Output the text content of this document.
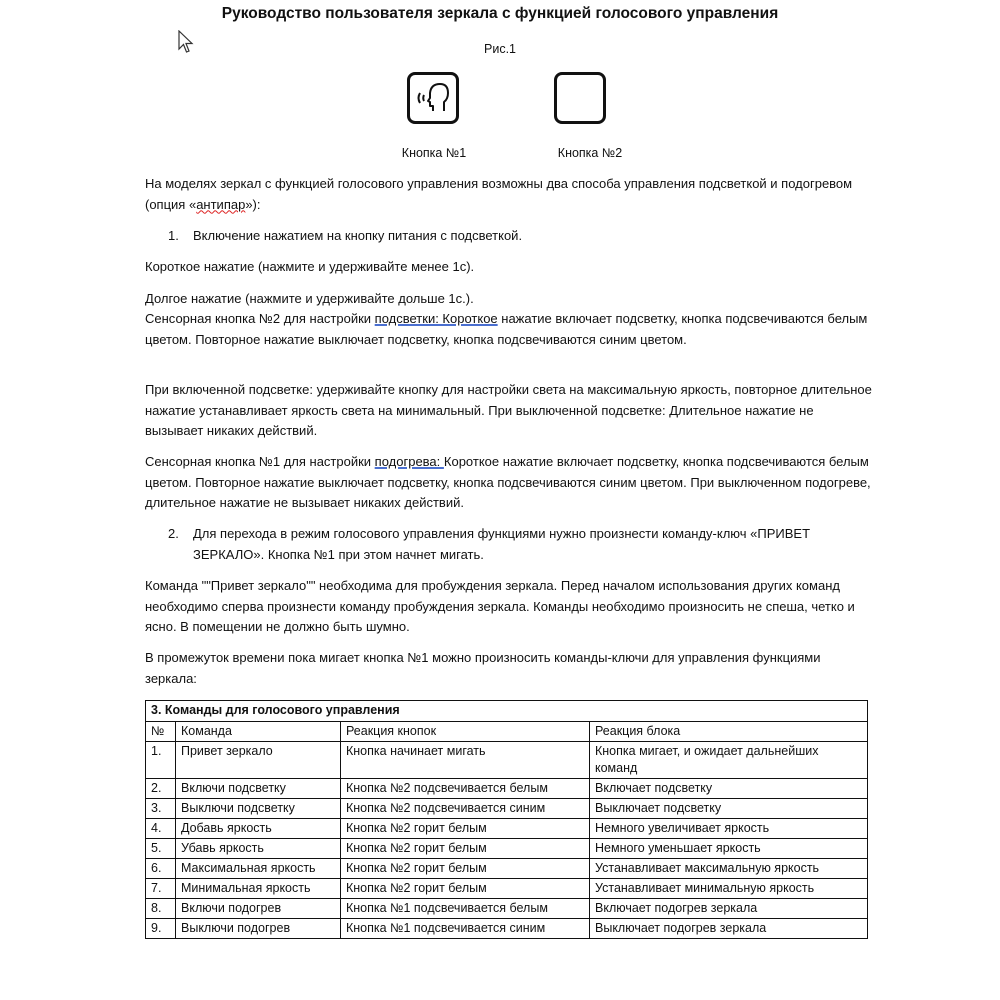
Руководство пользователя зеркала с функцией голосового управления
Рис.1
Кнопка №1	Кнопка №2

На моделях зеркал с функцией голосового управления возможны два способа управления подсветкой и подогревом (опция «антипар»):

1. Включение нажатием на кнопку питания с подсветкой.

Короткое нажатие (нажмите и удерживайте менее 1с).

Долгое нажатие (нажмите и удерживайте дольше 1с.).

Сенсорная кнопка №2 для настройки подсветки: Короткое нажатие включает подсветку, кнопка подсвечиваются белым цветом. Повторное нажатие выключает подсветку, кнопка подсвечиваются синим цветом.

При включенной подсветке: удерживайте кнопку для настройки света на максимальную яркость, повторное длительное нажатие устанавливает яркость света на минимальный. При выключенной подсветке: Длительное нажатие не вызывает никаких действий.

Сенсорная кнопка №1 для настройки подогрева: Короткое нажатие включает подсветку, кнопка подсвечиваются белым цветом. Повторное нажатие выключает подсветку, кнопка подсвечиваются синим цветом. При выключенном подогреве, длительное нажатие не вызывает никаких действий.

2. Для перехода в режим голосового управления функциями нужно произнести команду-ключ «ПРИВЕТ ЗЕРКАЛО». Кнопка №1 при этом начнет мигать.

Команда ""Привет зеркало"" необходима для пробуждения зеркала. Перед началом использования других команд необходимо сперва произнести команду пробуждения зеркала. Команды необходимо произносить не спеша, четко и ясно. В помещении не должно быть шумно.

В промежуток времени пока мигает кнопка №1 можно произносить команды-ключи для управления функциями зеркала:

3. Команды для голосового управления			
№	Команда	Реакция кнопок	Реакция блока
1.	Привет зеркало	Кнопка начинает мигать	Кнопка мигает, и ожидает дальнейших команд
2.	Включи подсветку	Кнопка №2 подсвечивается белым	Включает подсветку
3.	Выключи подсветку	Кнопка №2 подсвечивается синим	Выключает подсветку
4.	Добавь яркость	Кнопка №2 горит белым	Немного увеличивает яркость
5.	Убавь яркость	Кнопка №2 горит белым	Немного уменьшает яркость
6.	Максимальная яркость	Кнопка №2 горит белым	Устанавливает максимальную яркость
7.	Минимальная яркость	Кнопка №2 горит белым	Устанавливает минимальную яркость
8.	Включи подогрев	Кнопка №1 подсвечивается белым	Включает подогрев зеркала
9.	Выключи подогрев	Кнопка №1 подсвечивается синим	Выключает подогрев зеркала
